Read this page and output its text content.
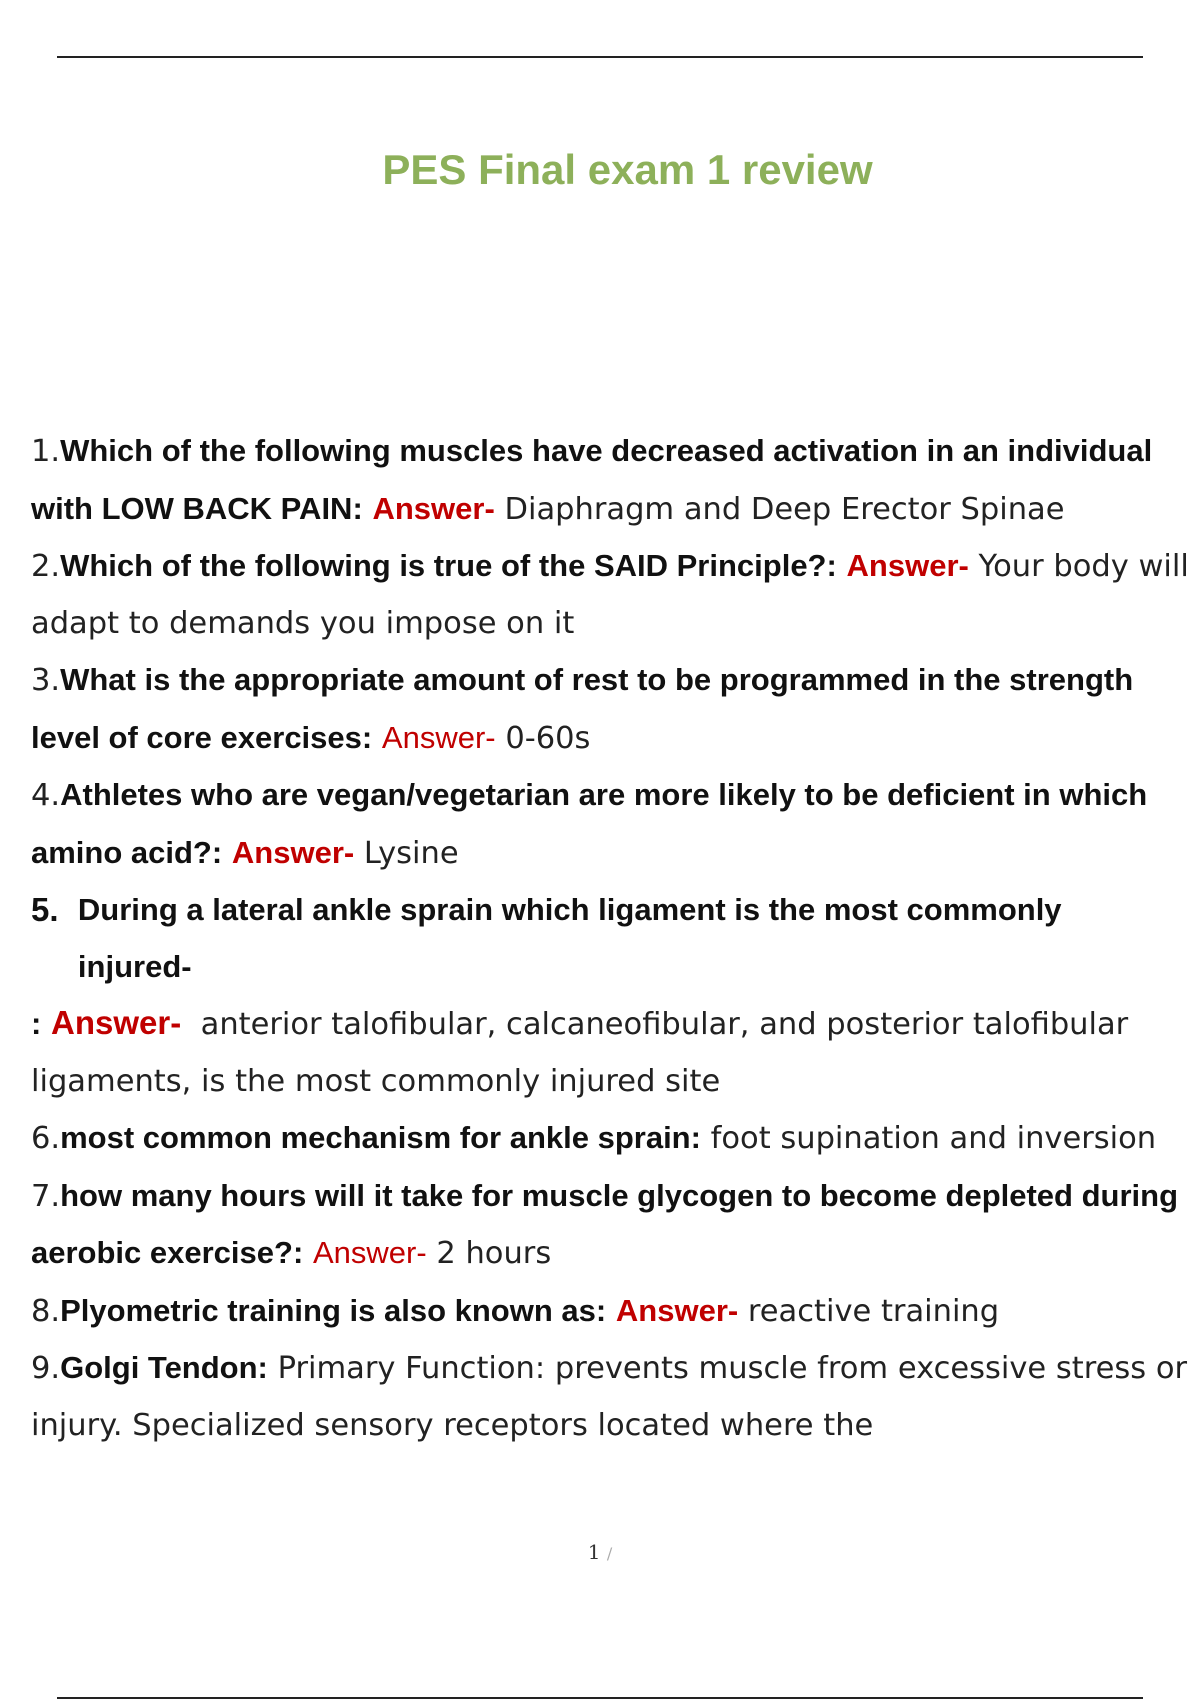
PES Final exam 1 review
1.Which of the following muscles have decreased activation in an individual with LOW BACK PAIN: Answer- Diaphragm and Deep Erector Spinae
2.Which of the following is true of the SAID Principle?: Answer- Your body will adapt to demands you impose on it
3.What is the appropriate amount of rest to be programmed in the strength level of core exercises: Answer- 0-60s
4.Athletes who are vegan/vegetarian are more likely to be deficient in which amino acid?: Answer- Lysine
5. During a lateral ankle sprain which ligament is the most commonly injured-
: Answer- anterior talofibular, calcaneofibular, and posterior talofibular
ligaments, is the most commonly injured site
6.most common mechanism for ankle sprain: foot supination and inversion
7.how many hours will it take for muscle glycogen to become depleted during aerobic exercise?: Answer- 2 hours
8.Plyometric training is also known as: Answer- reactive training
9.Golgi Tendon: Primary Function: prevents muscle from excessive stress or injury. Specialized sensory receptors located where the
1 /
